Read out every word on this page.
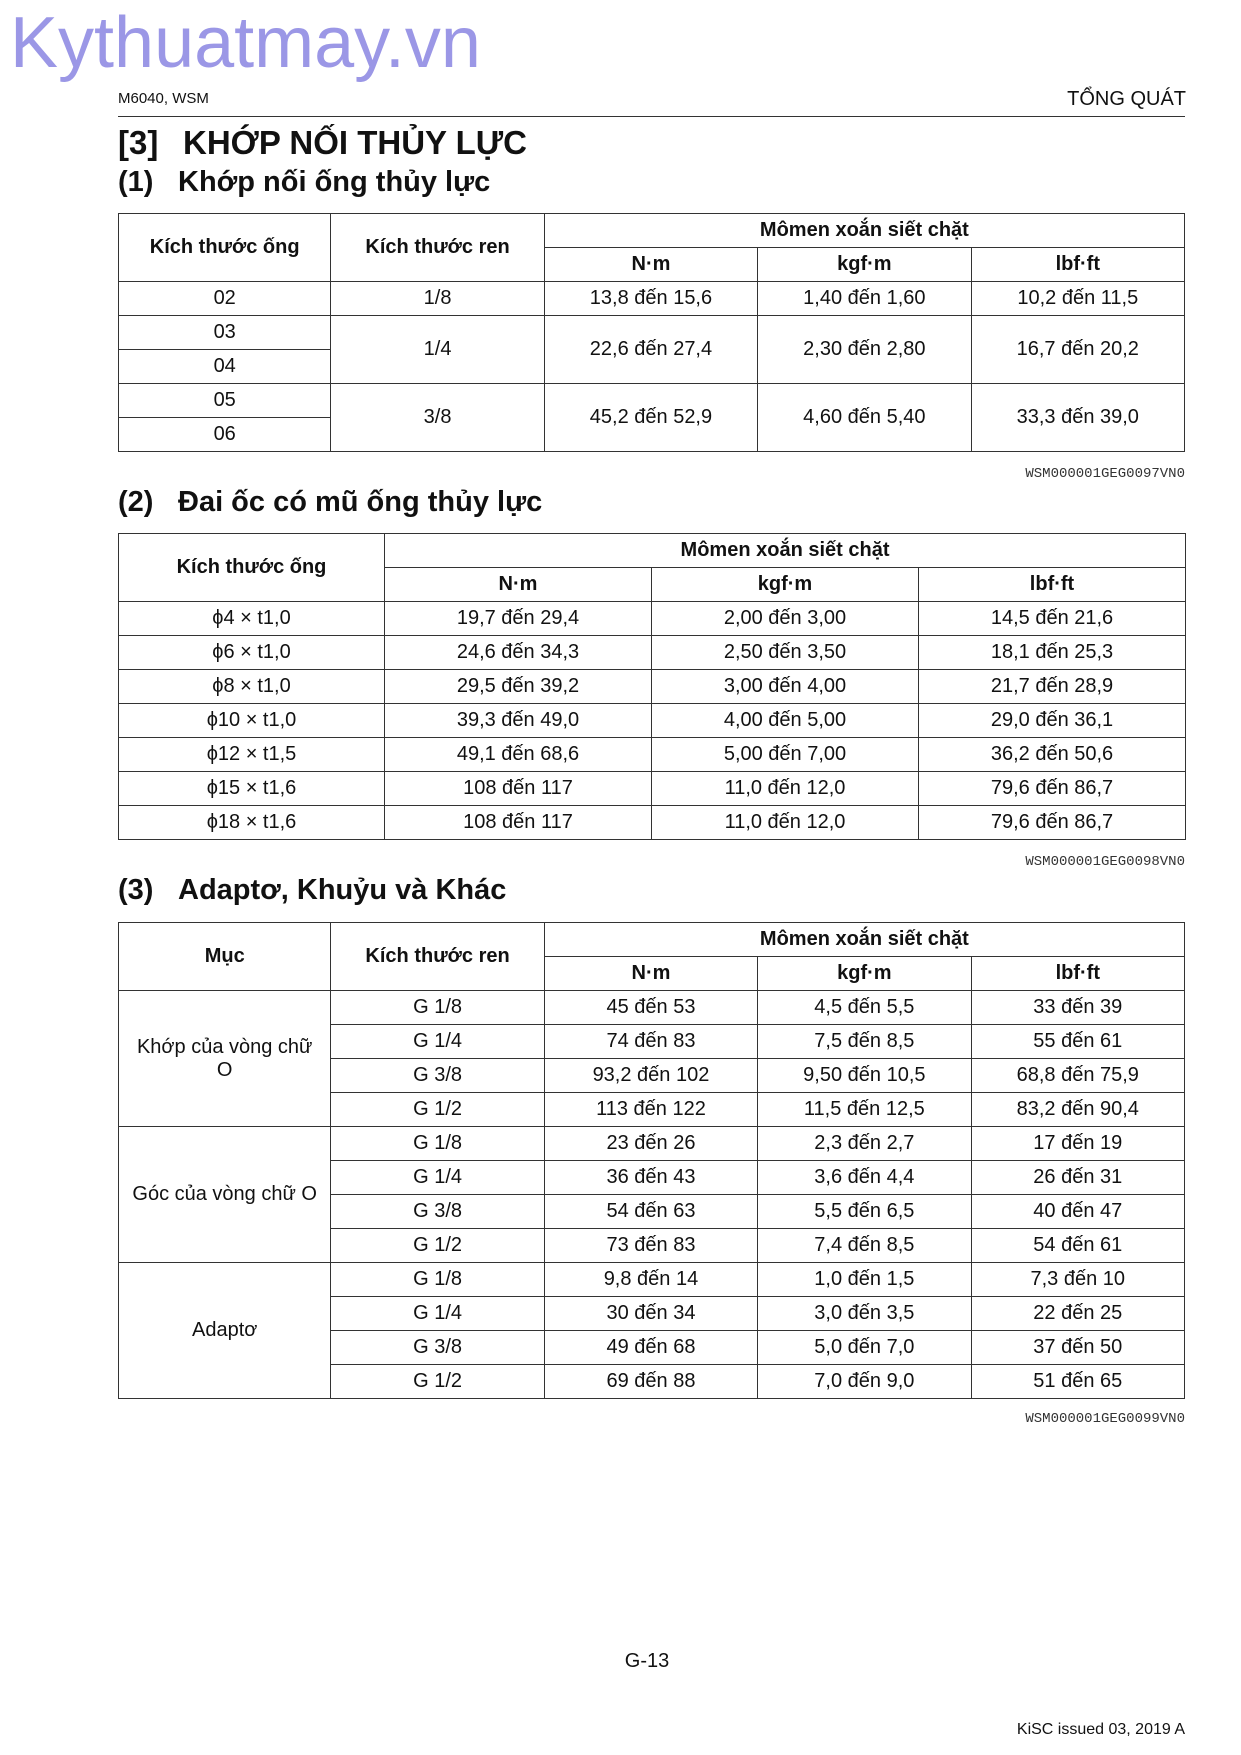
Kythuatmay.vn
M6040, WSM	TỔNG QUÁT
[3] KHỚP NỐI THỦY LỰC
(1) Khớp nối ống thủy lực
Kích thước ống	Kích thước ren	Mômen xoắn siết chặt		
		N·m	kgf·m	lbf·ft
02	1/8	13,8 đến 15,6	1,40 đến 1,60	10,2 đến 11,5
03	1/4	22,6 đến 27,4	2,30 đến 2,80	16,7 đến 20,2
04				
05	3/8	45,2 đến 52,9	4,60 đến 5,40	33,3 đến 39,0
06				
WSM000001GEG0097VN0
(2) Đai ốc có mũ ống thủy lực
Kích thước ống	Mômen xoắn siết chặt		
	N·m	kgf·m	lbf·ft
ϕ4 × t1,0	19,7 đến 29,4	2,00 đến 3,00	14,5 đến 21,6
ϕ6 × t1,0	24,6 đến 34,3	2,50 đến 3,50	18,1 đến 25,3
ϕ8 × t1,0	29,5 đến 39,2	3,00 đến 4,00	21,7 đến 28,9
ϕ10 × t1,0	39,3 đến 49,0	4,00 đến 5,00	29,0 đến 36,1
ϕ12 × t1,5	49,1 đến 68,6	5,00 đến 7,00	36,2 đến 50,6
ϕ15 × t1,6	108 đến 117	11,0 đến 12,0	79,6 đến 86,7
ϕ18 × t1,6	108 đến 117	11,0 đến 12,0	79,6 đến 86,7
WSM000001GEG0098VN0
(3) Adaptơ, Khuỷu và Khác
Mục	Kích thước ren	Mômen xoắn siết chặt		
		N·m	kgf·m	lbf·ft
Khớp của vòng chữ O	G 1/8	45 đến 53	4,5 đến 5,5	33 đến 39
	G 1/4	74 đến 83	7,5 đến 8,5	55 đến 61
	G 3/8	93,2 đến 102	9,50 đến 10,5	68,8 đến 75,9
	G 1/2	113 đến 122	11,5 đến 12,5	83,2 đến 90,4
Góc của vòng chữ O	G 1/8	23 đến 26	2,3 đến 2,7	17 đến 19
	G 1/4	36 đến 43	3,6 đến 4,4	26 đến 31
	G 3/8	54 đến 63	5,5 đến 6,5	40 đến 47
	G 1/2	73 đến 83	7,4 đến 8,5	54 đến 61
Adaptơ	G 1/8	9,8 đến 14	1,0 đến 1,5	7,3 đến 10
	G 1/4	30 đến 34	3,0 đến 3,5	22 đến 25
	G 3/8	49 đến 68	5,0 đến 7,0	37 đến 50
	G 1/2	69 đến 88	7,0 đến 9,0	51 đến 65
WSM000001GEG0099VN0
G-13
KiSC issued 03, 2019 A
